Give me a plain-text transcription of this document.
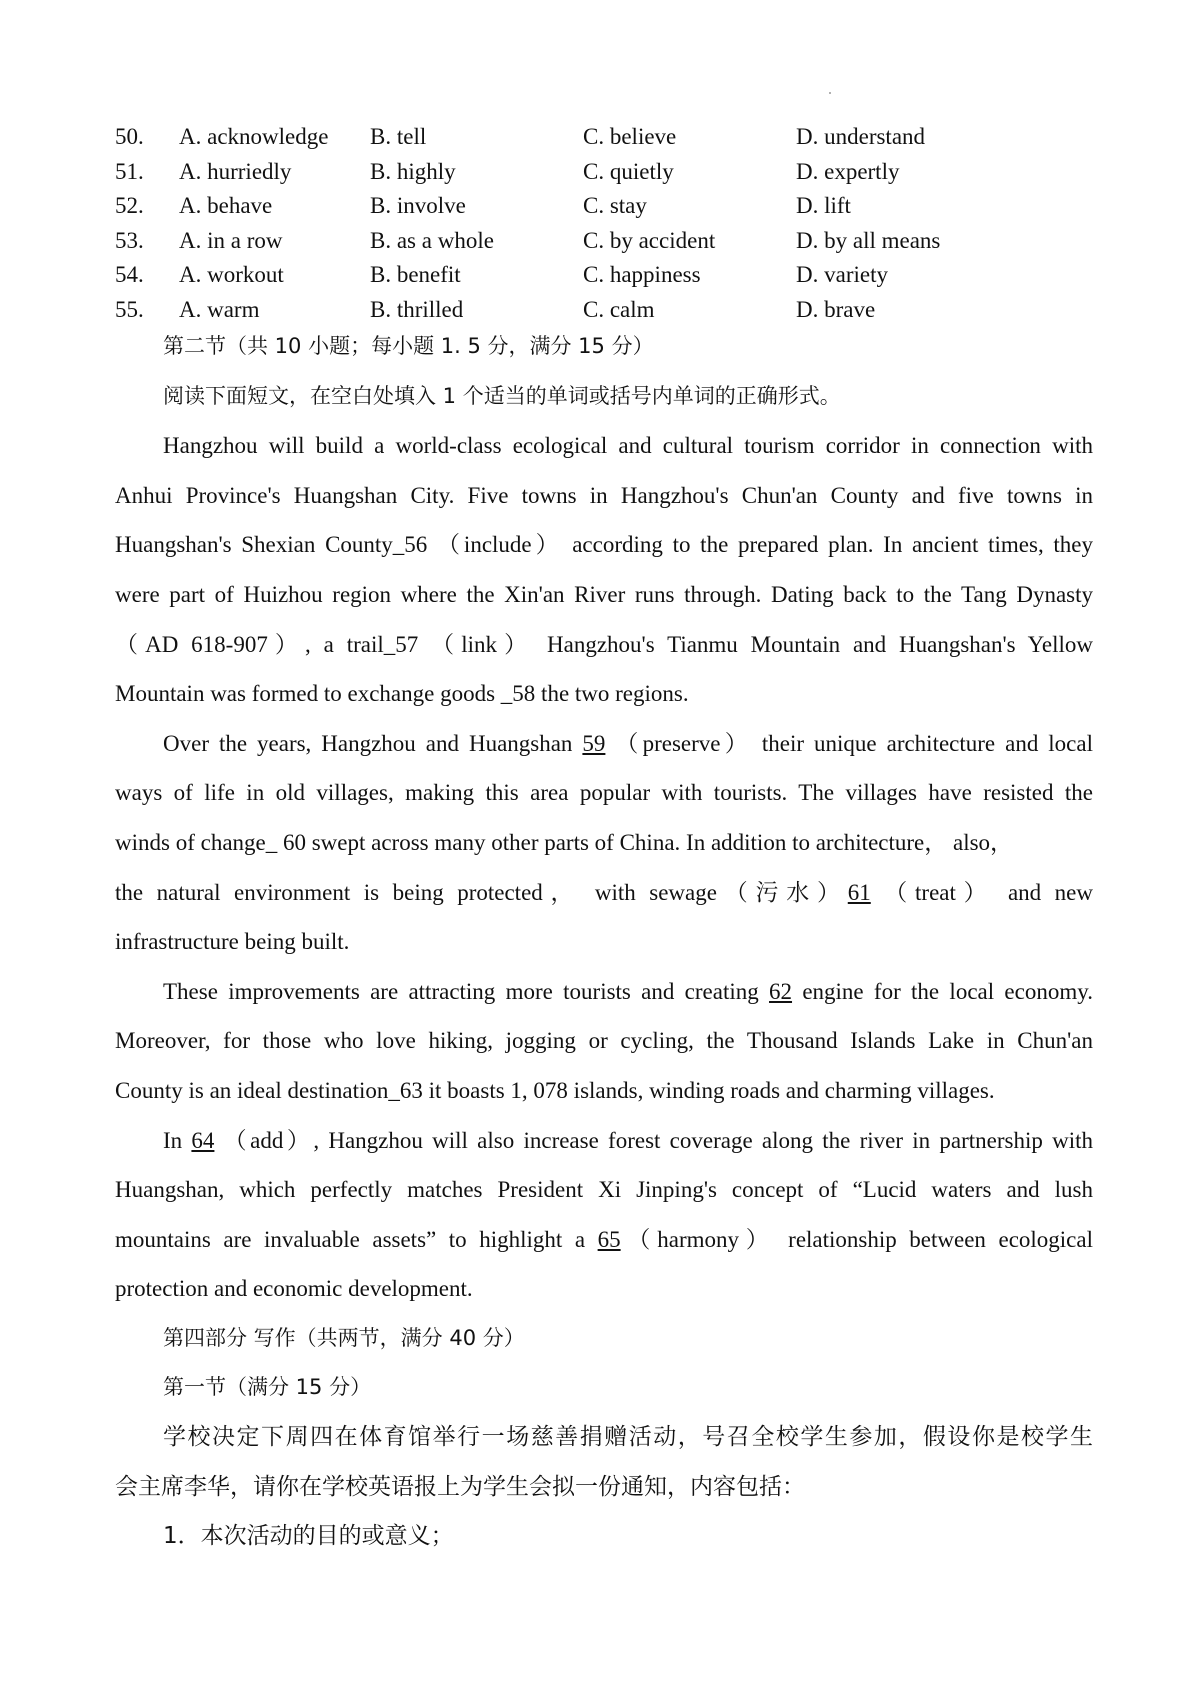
50. A. acknowledge B. tell	C. believe	D. understand
51. A. hurriedly	B. highly	C. quietly	D. expertly
52. A. behave	B. involve	C. stay	D. lift
53. A. in a row	B. as a whole	C. by accident	D. by all means
54. A. workout	B. benefit	C. happiness	D. variety
55. A. warm	B. thrilled	C. calm	D. brave
第二节（共 10 小题；每小题 1. 5 分，满分 15 分）
阅读下面短文，在空白处填入 1 个适当的单词或括号内单词的正确形式。
Hangzhou will build a world-class ecological and cultural tourism corridor in connection with
Anhui Province's Huangshan City. Five towns in Hangzhou's Chun'an County and five towns in
Huangshan's Shexian County_56 （include） according to the prepared plan. In ancient times, they
were part of Huizhou region where the Xin'an River runs through. Dating back to the Tang Dynasty
（AD 618-907）, a trail_57 （link） Hangzhou's Tianmu Mountain and Huangshan's Yellow
Mountain was formed to exchange goods _58 the two regions.
Over the years, Hangzhou and Huangshan 59 （preserve） their unique architecture and local
ways of life in old villages, making this area popular with tourists. The villages have resisted the
winds of change_ 60 swept across many other parts of China. In addition to architecture， also，
the natural environment is being protected， with sewage（污水）61 （treat） and new
infrastructure being built.
These improvements are attracting more tourists and creating 62 engine for the local economy.
Moreover, for those who love hiking, jogging or cycling, the Thousand Islands Lake in Chun'an
County is an ideal destination_63 it boasts 1, 078 islands, winding roads and charming villages.
In 64 （add）, Hangzhou will also increase forest coverage along the river in partnership with
Huangshan, which perfectly matches President Xi Jinping's concept of “Lucid waters and lush
mountains are invaluable assets” to highlight a 65（harmony） relationship between ecological
protection and economic development.
第四部分 写作（共两节，满分 40 分）
第一节（满分 15 分）
学校决定下周四在体育馆举行一场慈善捐赠活动，号召全校学生参加，假设你是校学生
会主席李华，请你在学校英语报上为学生会拟一份通知，内容包括：
1．本次活动的目的或意义；
